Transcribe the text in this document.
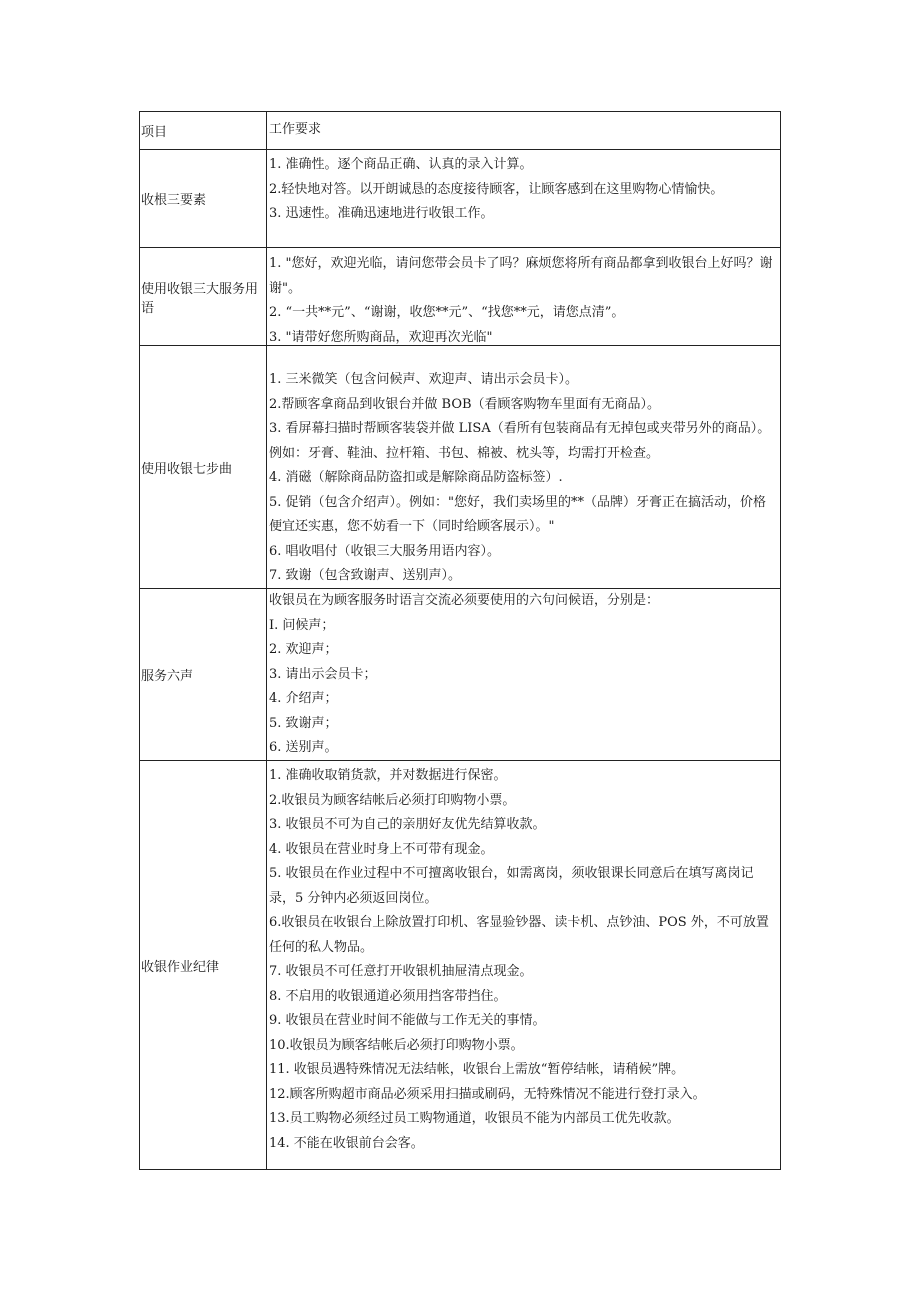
项目	工作要求
收根三要素
1. 准确性。逐个商品正确、认真的录入计算。
2.轻快地对答。以开朗诚恳的态度接待顾客，让顾客感到在这里购物心情愉快。
3. 迅速性。准确迅速地进行收银工作。
使用收银三大服务用语
1. "您好，欢迎光临，请问您带会员卡了吗？麻烦您将所有商品都拿到收银台上好吗？谢谢"。
2. “一共**元”、“谢谢，收您**元”、“找您**元，请您点清”。
3. "请带好您所购商品，欢迎再次光临"
使用收银七步曲
1. 三米微笑（包含问候声、欢迎声、请出示会员卡）。
2.帮顾客拿商品到收银台并做 BOB（看顾客购物车里面有无商品）。
3. 看屏幕扫描时帮顾客装袋并做 LISA（看所有包装商品有无掉包或夹带另外的商品）。例如：牙膏、鞋油、拉杆箱、书包、棉被、枕头等，均需打开检查。
4. 消磁（解除商品防盗扣或是解除商品防盗标签）.
5. 促销（包含介绍声）。例如："您好，我们卖场里的**（品牌）牙膏正在搞活动，价格便宜还实惠，您不妨看一下（同时给顾客展示）。"
6. 唱收唱付（收银三大服务用语内容）。
7. 致谢（包含致谢声、送别声）。
服务六声
收银员在为顾客服务时语言交流必须要使用的六句问候语，分别是：
I. 问候声；
2. 欢迎声；
3. 请出示会员卡；
4. 介绍声；
5. 致谢声；
6. 送别声。
收银作业纪律
1. 准确收取销货款，并对数据进行保密。
2.收银员为顾客结帐后必须打印购物小票。
3. 收银员不可为自己的亲朋好友优先结算收款。
4. 收银员在营业时身上不可带有现金。
5. 收银员在作业过程中不可擅离收银台，如需离岗，须收银课长同意后在填写离岗记录，5 分钟内必须返回岗位。
6.收银员在收银台上除放置打印机、客显验钞器、读卡机、点钞油、POS 外，不可放置任何的私人物品。
7. 收银员不可任意打开收银机抽屉清点现金。
8. 不启用的收银通道必须用挡客带挡住。
9. 收银员在营业时间不能做与工作无关的事情。
10.收银员为顾客结帐后必须打印购物小票。
11. 收银员遇特殊情况无法结帐，收银台上需放“暂停结帐，请稍候”牌。
12.顾客所购超市商品必须采用扫描或刷码，无特殊情况不能进行登打录入。
13.员工购物必须经过员工购物通道，收银员不能为内部员工优先收款。
14. 不能在收银前台会客。
